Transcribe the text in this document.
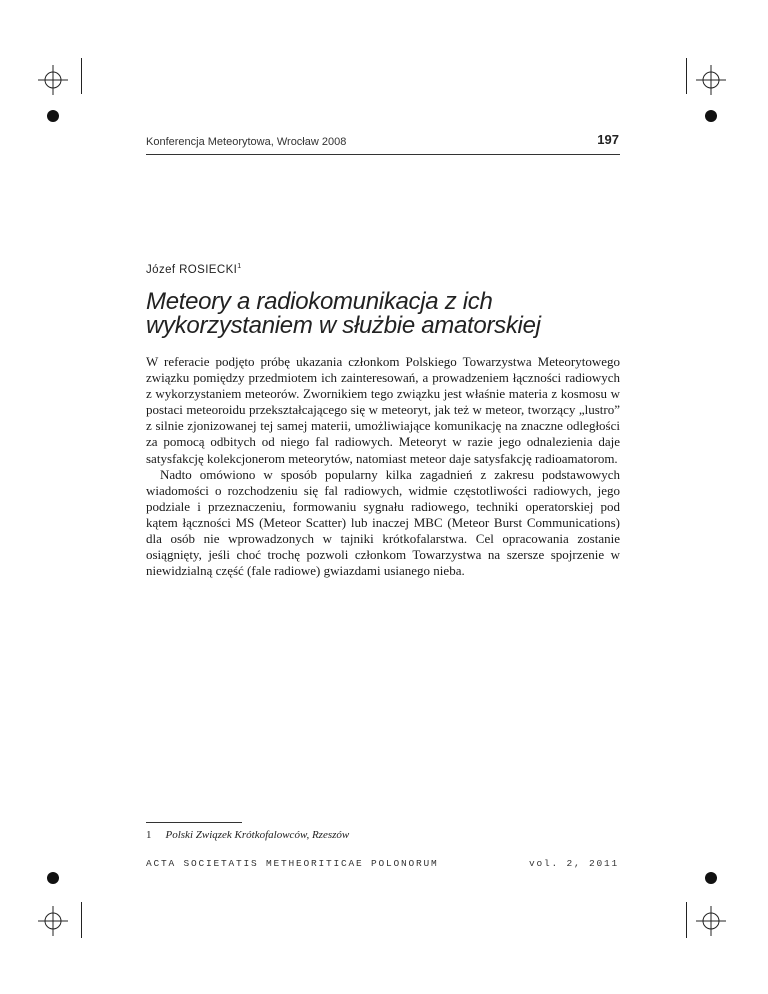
Konferencja Meteorytowa, Wrocław 2008	197
Józef ROSIECKI$^1$
Meteory a radiokomunikacja z ich wykorzystaniem w służbie amatorskiej

W referacie podjęto próbę ukazania członkom Polskiego Towarzystwa Meteorytowego związku pomiędzy przedmiotem ich zainteresowań, a prowadzeniem łączności radiowych z wykorzystaniem meteorów. Zwornikiem tego związku jest właśnie materia z kosmosu w postaci meteoroidu przekształcającego się w meteoryt, jak też w meteor, tworzący „lustro” z silnie zjonizowanej tej samej materii, umożliwiające komunikację na znaczne odległości za pomocą odbitych od niego fal radiowych. Meteoryt w razie jego odnalezienia daje satysfakcję kolekcjonerom meteorytów, natomiast meteor daje satysfakcję radioamatorom.

Nadto omówiono w sposób popularny kilka zagadnień z zakresu podstawowych wiadomości o rozchodzeniu się fal radiowych, widmie częstotliwości radiowych, jego podziale i przeznaczeniu, formowaniu sygnału radiowego, techniki operatorskiej pod kątem łączności MS (Meteor Scatter) lub inaczej MBC (Meteor Burst Communications) dla osób nie wprowadzonych w tajniki krótkofalarstwa. Cel opracowania zostanie osiągnięty, jeśli choć trochę pozwoli członkom Towarzystwa na szersze spojrzenie w niewidzialną część (fale radiowe) gwiazdami usianego nieba.

1 Polski Związek Krótkofalowców, Rzeszów
ACTA SOCIETATIS METHEORITICAE POLONORUM	vol. 2, 2011
